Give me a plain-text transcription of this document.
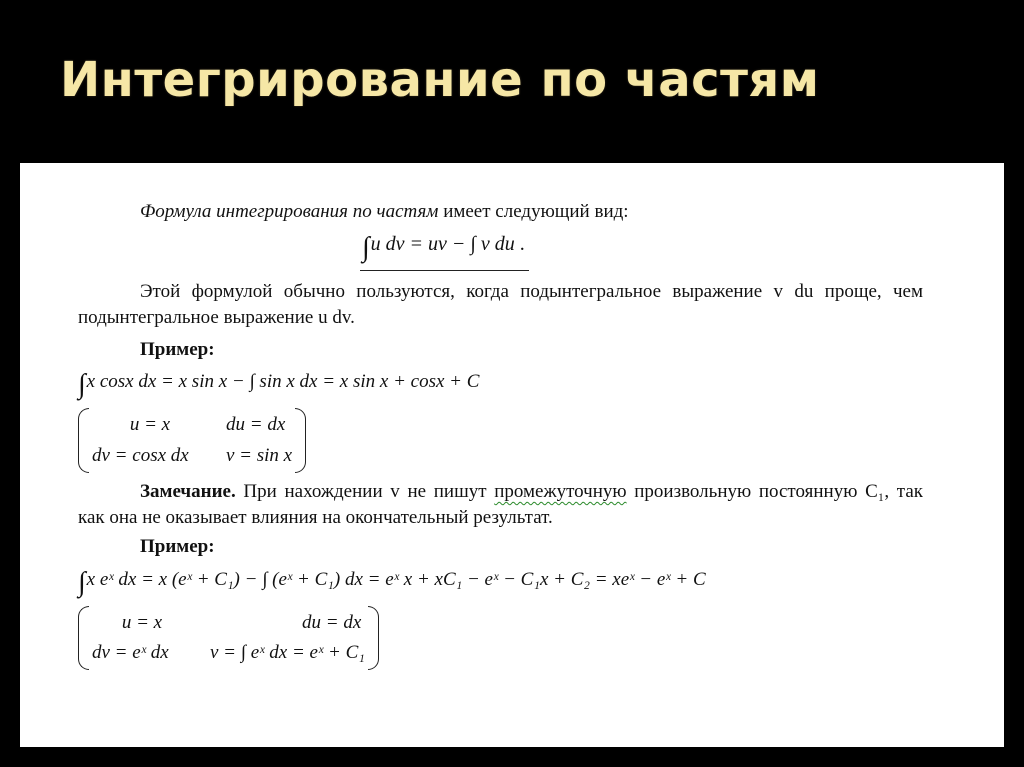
Интегрирование по частям

Формула интегрирования по частям имеет следующий вид:

∫u dv = uv − ∫ v du .

Этой формулой обычно пользуются, когда подынтегральное выражение v du проще, чем подынтегральное выражение u dv.

Пример:
∫x cosx dx = x sin x − ∫ sin x dx = x sin x + cosx + C
u = x	du = dx
dv = cosx dx v = sin x

Замечание. При нахождении v не пишут промежуточную произвольную постоянную C₁, так как она не оказывает влияния на окончательный результат.

Пример:
∫x eˣ dx = x (eˣ + C₁) − ∫ (eˣ + C₁) dx = eˣ x + xC₁ − eˣ − C₁x + C₂ = xeˣ − eˣ + C
u = x	du = dx
dv = eˣ dx v = ∫ eˣ dx = eˣ + C₁
